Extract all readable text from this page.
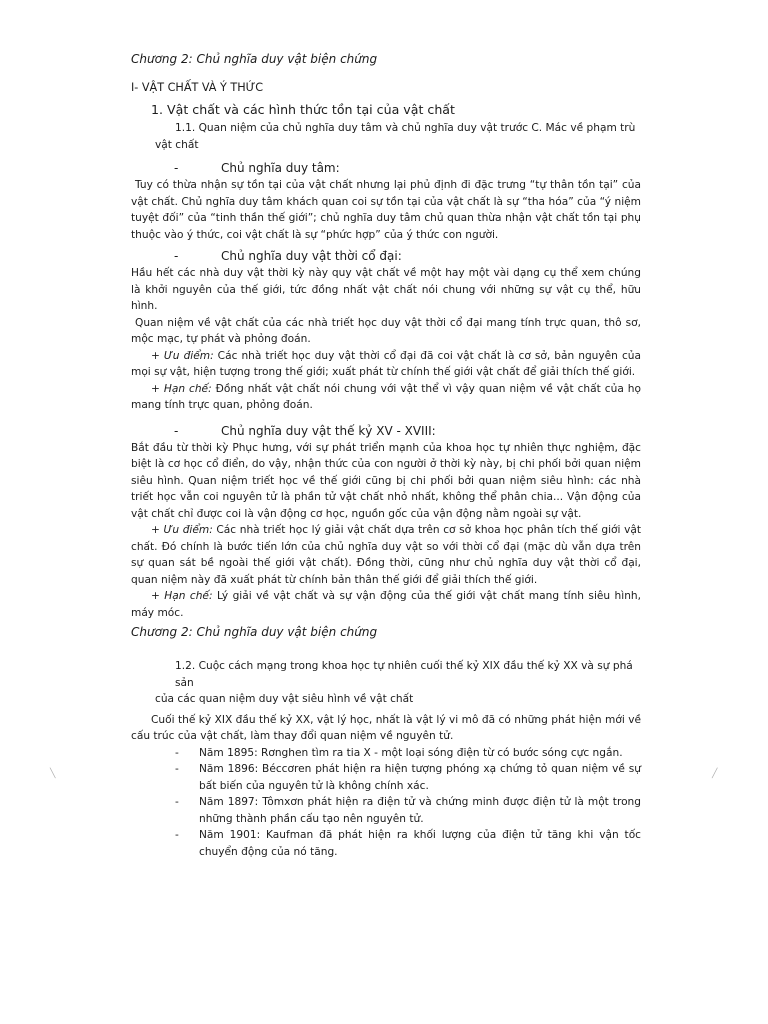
Chương 2: Chủ nghĩa duy vật biện chứng
I- VẬT CHẤT VÀ Ý THỨC
1. Vật chất và các hình thức tồn tại của vật chất
1.1. Quan niệm của chủ nghĩa duy tâm và chủ nghĩa duy vật trước C. Mác về phạm trù
vật chất
-	Chủ nghĩa duy tâm:
Tuy có thừa nhận sự tồn tại của vật chất nhưng lại phủ định đi đặc trưng “tự thân tồn tại” của vật chất. Chủ nghĩa duy tâm khách quan coi sự tồn tại của vật chất là sự “tha hóa” của “ý niệm tuyệt đối” của “tinh thần thế giới”; chủ nghĩa duy tâm chủ quan thừa nhận vật chất tồn tại phụ thuộc vào ý thức, coi vật chất là sự “phức hợp” của ý thức con người.
-	Chủ nghĩa duy vật thời cổ đại:
Hầu hết các nhà duy vật thời kỳ này quy vật chất về một hay một vài dạng cụ thể xem chúng là khởi nguyên của thế giới, tức đồng nhất vật chất nói chung với những sự vật cụ thể, hữu hình.
Quan niệm về vật chất của các nhà triết học duy vật thời cổ đại mang tính trực quan, thô sơ, mộc mạc, tự phát và phỏng đoán.
+ Ưu điểm: Các nhà triết học duy vật thời cổ đại đã coi vật chất là cơ sở, bản nguyên của mọi sự vật, hiện tượng trong thế giới; xuất phát từ chính thế giới vật chất để giải thích thế giới.
+ Hạn chế: Đồng nhất vật chất nói chung với vật thể vì vậy quan niệm về vật chất của họ mang tính trực quan, phỏng đoán.
-	Chủ nghĩa duy vật thế kỷ XV - XVIII:
Bắt đầu từ thời kỳ Phục hưng, với sự phát triển mạnh của khoa học tự nhiên thực nghiệm, đặc biệt là cơ học cổ điển, do vậy, nhận thức của con người ở thời kỳ này, bị chi phối bởi quan niệm siêu hình. Quan niệm triết học về thế giới cũng bị chi phối bởi quan niệm siêu hình: các nhà triết học vẫn coi nguyên tử là phần tử vật chất nhỏ nhất, không thể phân chia... Vận động của vật chất chỉ được coi là vận động cơ học, nguồn gốc của vận động nằm ngoài sự vật.
+ Ưu điểm: Các nhà triết học lý giải vật chất dựa trên cơ sở khoa học phân tích thế giới vật chất. Đó chính là bước tiến lớn của chủ nghĩa duy vật so với thời cổ đại (mặc dù vẫn dựa trên sự quan sát bề ngoài thế giới vật chất). Đồng thời, cũng như chủ nghĩa duy vật thời cổ đại, quan niệm này đã xuất phát từ chính bản thân thế giới để giải thích thế giới.
+ Hạn chế: Lý giải về vật chất và sự vận động của thế giới vật chất mang tính siêu hình, máy móc.
Chương 2: Chủ nghĩa duy vật biện chứng
1.2. Cuộc cách mạng trong khoa học tự nhiên cuối thế kỷ XIX đầu thế kỷ XX và sự phá sản
của các quan niệm duy vật siêu hình về vật chất
Cuối thế kỷ XIX đầu thế kỷ XX, vật lý học, nhất là vật lý vi mô đã có những phát hiện mới về cấu trúc của vật chất, làm thay đổi quan niệm về nguyên tử.
-	Năm 1895: Rơnghen tìm ra tia X - một loại sóng điện từ có bước sóng cực ngắn.
-	Năm 1896: Béccơren phát hiện ra hiện tượng phóng xạ chứng tỏ quan niệm về sự bất biến của nguyên tử là không chính xác.
-	Năm 1897: Tômxơn phát hiện ra điện tử và chứng minh được điện tử là một trong những thành phần cấu tạo nên nguyên tử.
-	Năm 1901: Kaufman đã phát hiện ra khối lượng của điện tử tăng khi vận tốc chuyển động của nó tăng.
╲	╱
